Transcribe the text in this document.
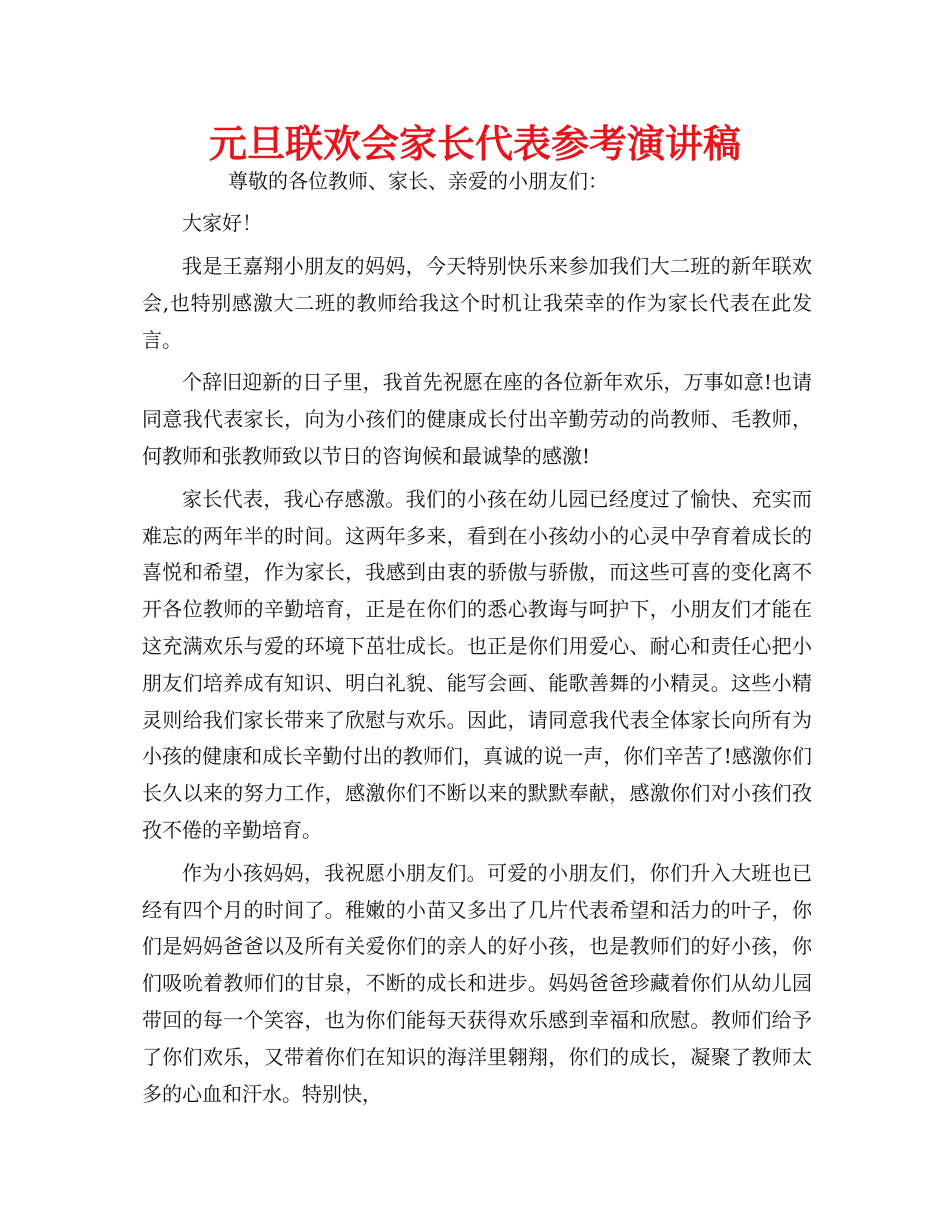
元旦联欢会家长代表参考演讲稿

尊敬的各位教师、家长、亲爱的小朋友们：

大家好！

我是王嘉翔小朋友的妈妈，今天特别快乐来参加我们大二班的新年联欢会,也特别感激大二班的教师给我这个时机让我荣幸的作为家长代表在此发言。

个辞旧迎新的日子里，我首先祝愿在座的各位新年欢乐，万事如意!也请同意我代表家长，向为小孩们的健康成长付出辛勤劳动的尚教师、毛教师，何教师和张教师致以节日的咨询候和最诚挚的感激!

家长代表，我心存感激。我们的小孩在幼儿园已经度过了愉快、充实而难忘的两年半的时间。这两年多来，看到在小孩幼小的心灵中孕育着成长的喜悦和希望，作为家长，我感到由衷的骄傲与骄傲，而这些可喜的变化离不开各位教师的辛勤培育，正是在你们的悉心教诲与呵护下，小朋友们才能在这充满欢乐与爱的环境下茁壮成长。也正是你们用爱心、耐心和责任心把小朋友们培养成有知识、明白礼貌、能写会画、能歌善舞的小精灵。这些小精灵则给我们家长带来了欣慰与欢乐。因此，请同意我代表全体家长向所有为小孩的健康和成长辛勤付出的教师们，真诚的说一声，你们辛苦了!感激你们长久以来的努力工作，感激你们不断以来的默默奉献，感激你们对小孩们孜孜不倦的辛勤培育。

作为小孩妈妈，我祝愿小朋友们。可爱的小朋友们，你们升入大班也已经有四个月的时间了。稚嫩的小苗又多出了几片代表希望和活力的叶子，你们是妈妈爸爸以及所有关爱你们的亲人的好小孩，也是教师们的好小孩，你们吸吮着教师们的甘泉，不断的成长和进步。妈妈爸爸珍藏着你们从幼儿园带回的每一个笑容，也为你们能每天获得欢乐感到幸福和欣慰。教师们给予了你们欢乐，又带着你们在知识的海洋里翱翔，你们的成长，凝聚了教师太多的心血和汗水。特别快，
